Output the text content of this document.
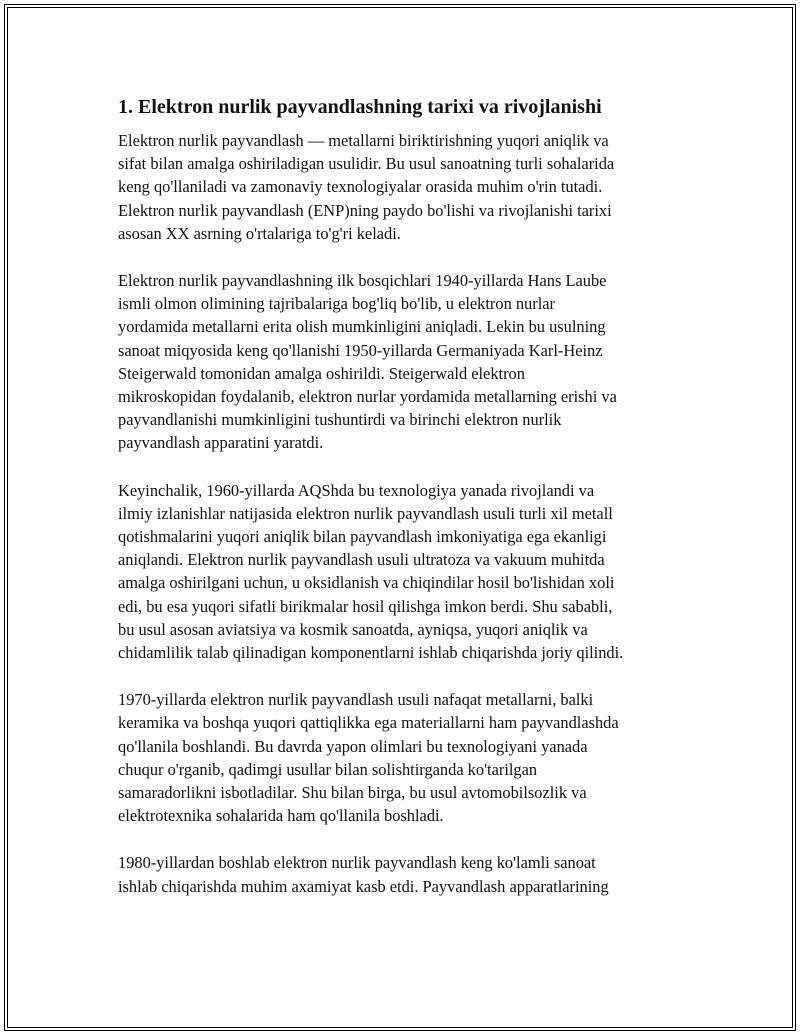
1. Elektron nurlik payvandlashning tarixi va rivojlanishi

Elektron nurlik payvandlash — metallarni biriktirishning yuqori aniqlik va
sifat bilan amalga oshiriladigan usulidir. Bu usul sanoatning turli sohalarida
keng qo'llaniladi va zamonaviy texnologiyalar orasida muhim o'rin tutadi.
Elektron nurlik payvandlash (ENP)ning paydo bo'lishi va rivojlanishi tarixi
asosan XX asrning o'rtalariga to'g'ri keladi.

Elektron nurlik payvandlashning ilk bosqichlari 1940-yillarda Hans Laube
ismli olmon olimining tajribalariga bog'liq bo'lib, u elektron nurlar
yordamida metallarni erita olish mumkinligini aniqladi. Lekin bu usulning
sanoat miqyosida keng qo'llanishi 1950-yillarda Germaniyada Karl-Heinz
Steigerwald tomonidan amalga oshirildi. Steigerwald elektron
mikroskopidan foydalanib, elektron nurlar yordamida metallarning erishi va
payvandlanishi mumkinligini tushuntirdi va birinchi elektron nurlik
payvandlash apparatini yaratdi.

Keyinchalik, 1960-yillarda AQShda bu texnologiya yanada rivojlandi va
ilmiy izlanishlar natijasida elektron nurlik payvandlash usuli turli xil metall
qotishmalarini yuqori aniqlik bilan payvandlash imkoniyatiga ega ekanligi
aniqlandi. Elektron nurlik payvandlash usuli ultratoza va vakuum muhitda
amalga oshirilgani uchun, u oksidlanish va chiqindilar hosil bo'lishidan xoli
edi, bu esa yuqori sifatli birikmalar hosil qilishga imkon berdi. Shu sababli,
bu usul asosan aviatsiya va kosmik sanoatda, ayniqsa, yuqori aniqlik va
chidamlilik talab qilinadigan komponentlarni ishlab chiqarishda joriy qilindi.

1970-yillarda elektron nurlik payvandlash usuli nafaqat metallarni, balki
keramika va boshqa yuqori qattiqlikka ega materiallarni ham payvandlashda
qo'llanila boshlandi. Bu davrda yapon olimlari bu texnologiyani yanada
chuqur o'rganib, qadimgi usullar bilan solishtirganda ko'tarilgan
samaradorlikni isbotladilar. Shu bilan birga, bu usul avtomobilsozlik va
elektrotexnika sohalarida ham qo'llanila boshladi.

1980-yillardan boshlab elektron nurlik payvandlash keng ko'lamli sanoat
ishlab chiqarishda muhim axamiyat kasb etdi. Payvandlash apparatlarining
